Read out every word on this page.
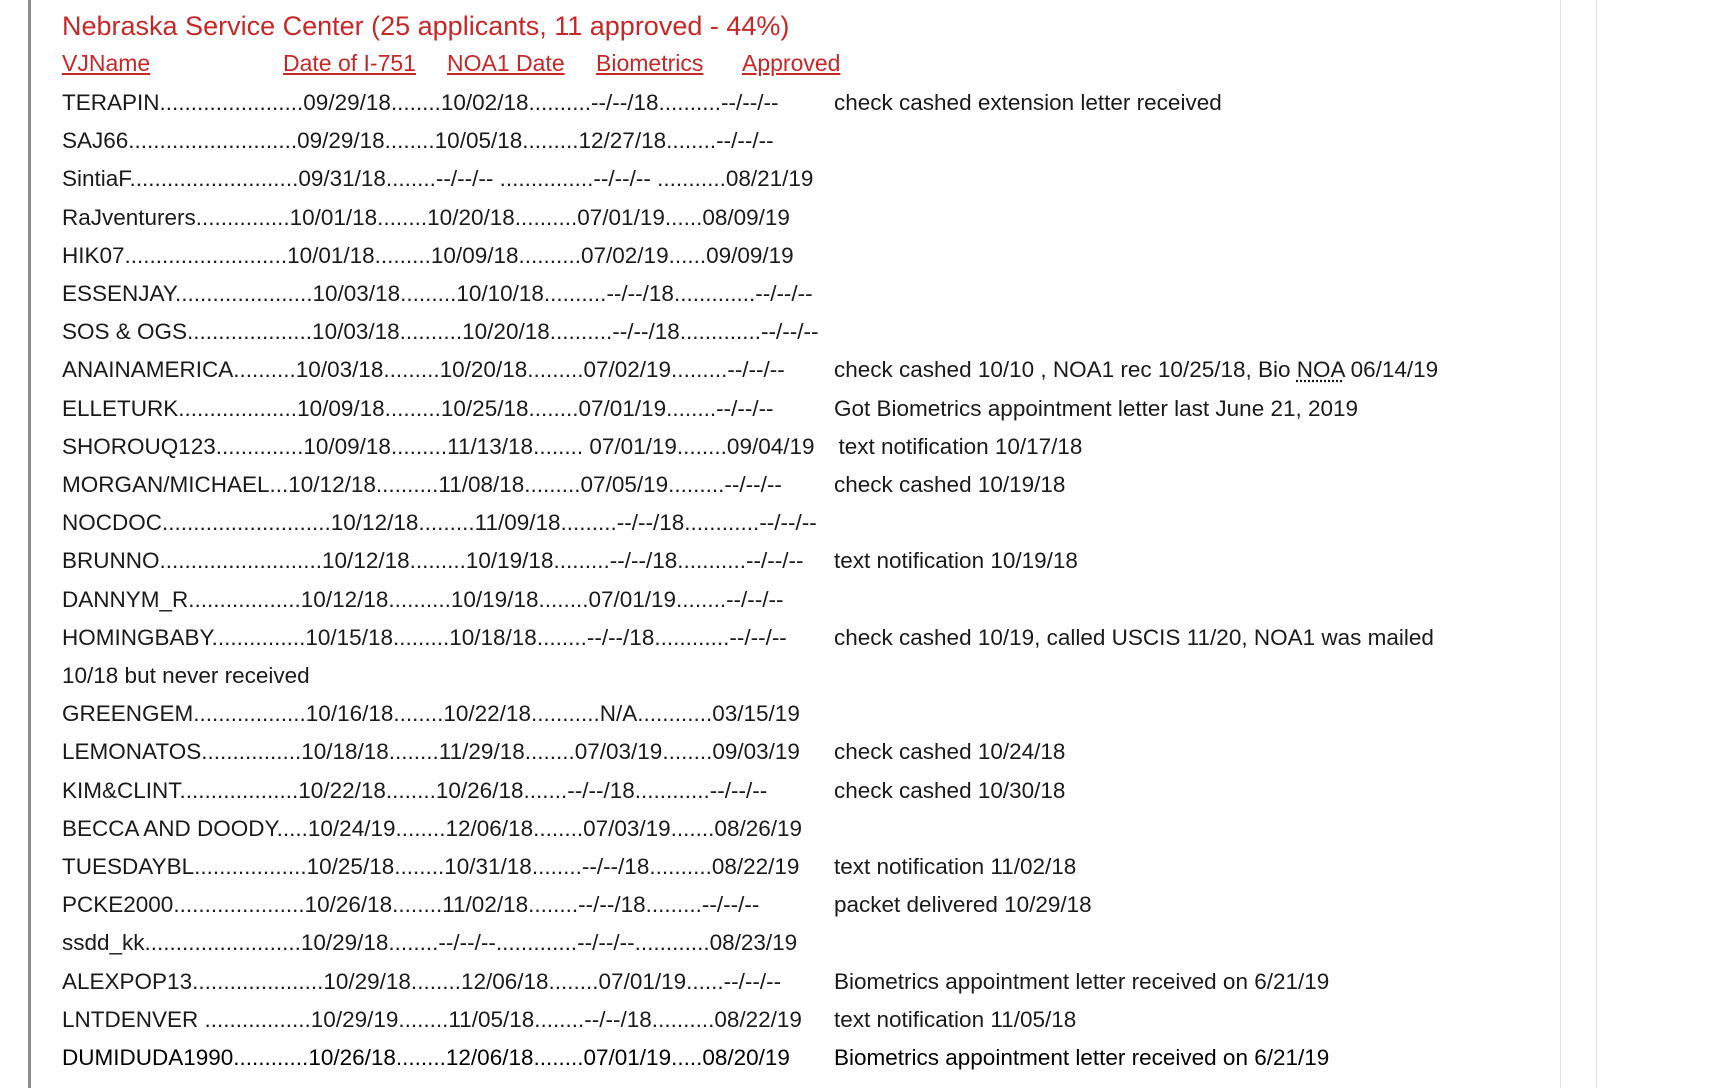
Nebraska Service Center (25 applicants, 11 approved - 44%)
VJName	Date of I-751 NOA1 Date Biometrics Approved
TERAPIN.......................09/29/18........10/02/18..........--/--/18..........--/--/-- check cashed extension letter received
SAJ66...........................09/29/18........10/05/18.........12/27/18........--/--/--
SintiaF...........................09/31/18........--/--/-- ...............--/--/-- ...........08/21/19
RaJventurers...............10/01/18........10/20/18..........07/01/19......08/09/19
HIK07..........................10/01/18.........10/09/18..........07/02/19......09/09/19
ESSENJAY......................10/03/18.........10/10/18..........--/--/18.............--/--/--
SOS & OGS....................10/03/18..........10/20/18..........--/--/18.............--/--/--
ANAINAMERICA..........10/03/18.........10/20/18.........07/02/19.........--/--/-- check cashed 10/10 , NOA1 rec 10/25/18, Bio NOA 06/14/19
ELLETURK...................10/09/18.........10/25/18........07/01/19........--/--/--	Got Biometrics appointment letter last June 21, 2019
SHOROUQ123..............10/09/18.........11/13/18........ 07/01/19........09/04/19 text notification 10/17/18
MORGAN/MICHAEL...10/12/18..........11/08/18.........07/05/19.........--/--/-- check cashed 10/19/18
NOCDOC...........................10/12/18.........11/09/18.........--/--/18............--/--/--
BRUNNO..........................10/12/18.........10/19/18.........--/--/18...........--/--/-- text notification 10/19/18
DANNYM_R..................10/12/18..........10/19/18........07/01/19........--/--/--
HOMINGBABY...............10/15/18.........10/18/18........--/--/18............--/--/-- check cashed 10/19, called USCIS 11/20, NOA1 was mailed
10/18 but never received
GREENGEM..................10/16/18........10/22/18...........N/A............03/15/19
LEMONATOS................10/18/18........11/29/18........07/03/19........09/03/19 check cashed 10/24/18
KIM&CLINT...................10/22/18........10/26/18.......--/--/18............--/--/--	check cashed 10/30/18
BECCA AND DOODY.....10/24/19........12/06/18........07/03/19.......08/26/19
TUESDAYBL..................10/25/18........10/31/18........--/--/18..........08/22/19 text notification 11/02/18
PCKE2000.....................10/26/18........11/02/18........--/--/18.........--/--/--	packet delivered 10/29/18
ssdd_kk.........................10/29/18........--/--/--.............--/--/--............08/23/19
ALEXPOP13.....................10/29/18........12/06/18........07/01/19......--/--/-- Biometrics appointment letter received on 6/21/19
LNTDENVER .................10/29/19........11/05/18........--/--/18..........08/22/19 text notification 11/05/18
DUMIDUDA1990............10/26/18........12/06/18........07/01/19.....08/20/19 Biometrics appointment letter received on 6/21/19
